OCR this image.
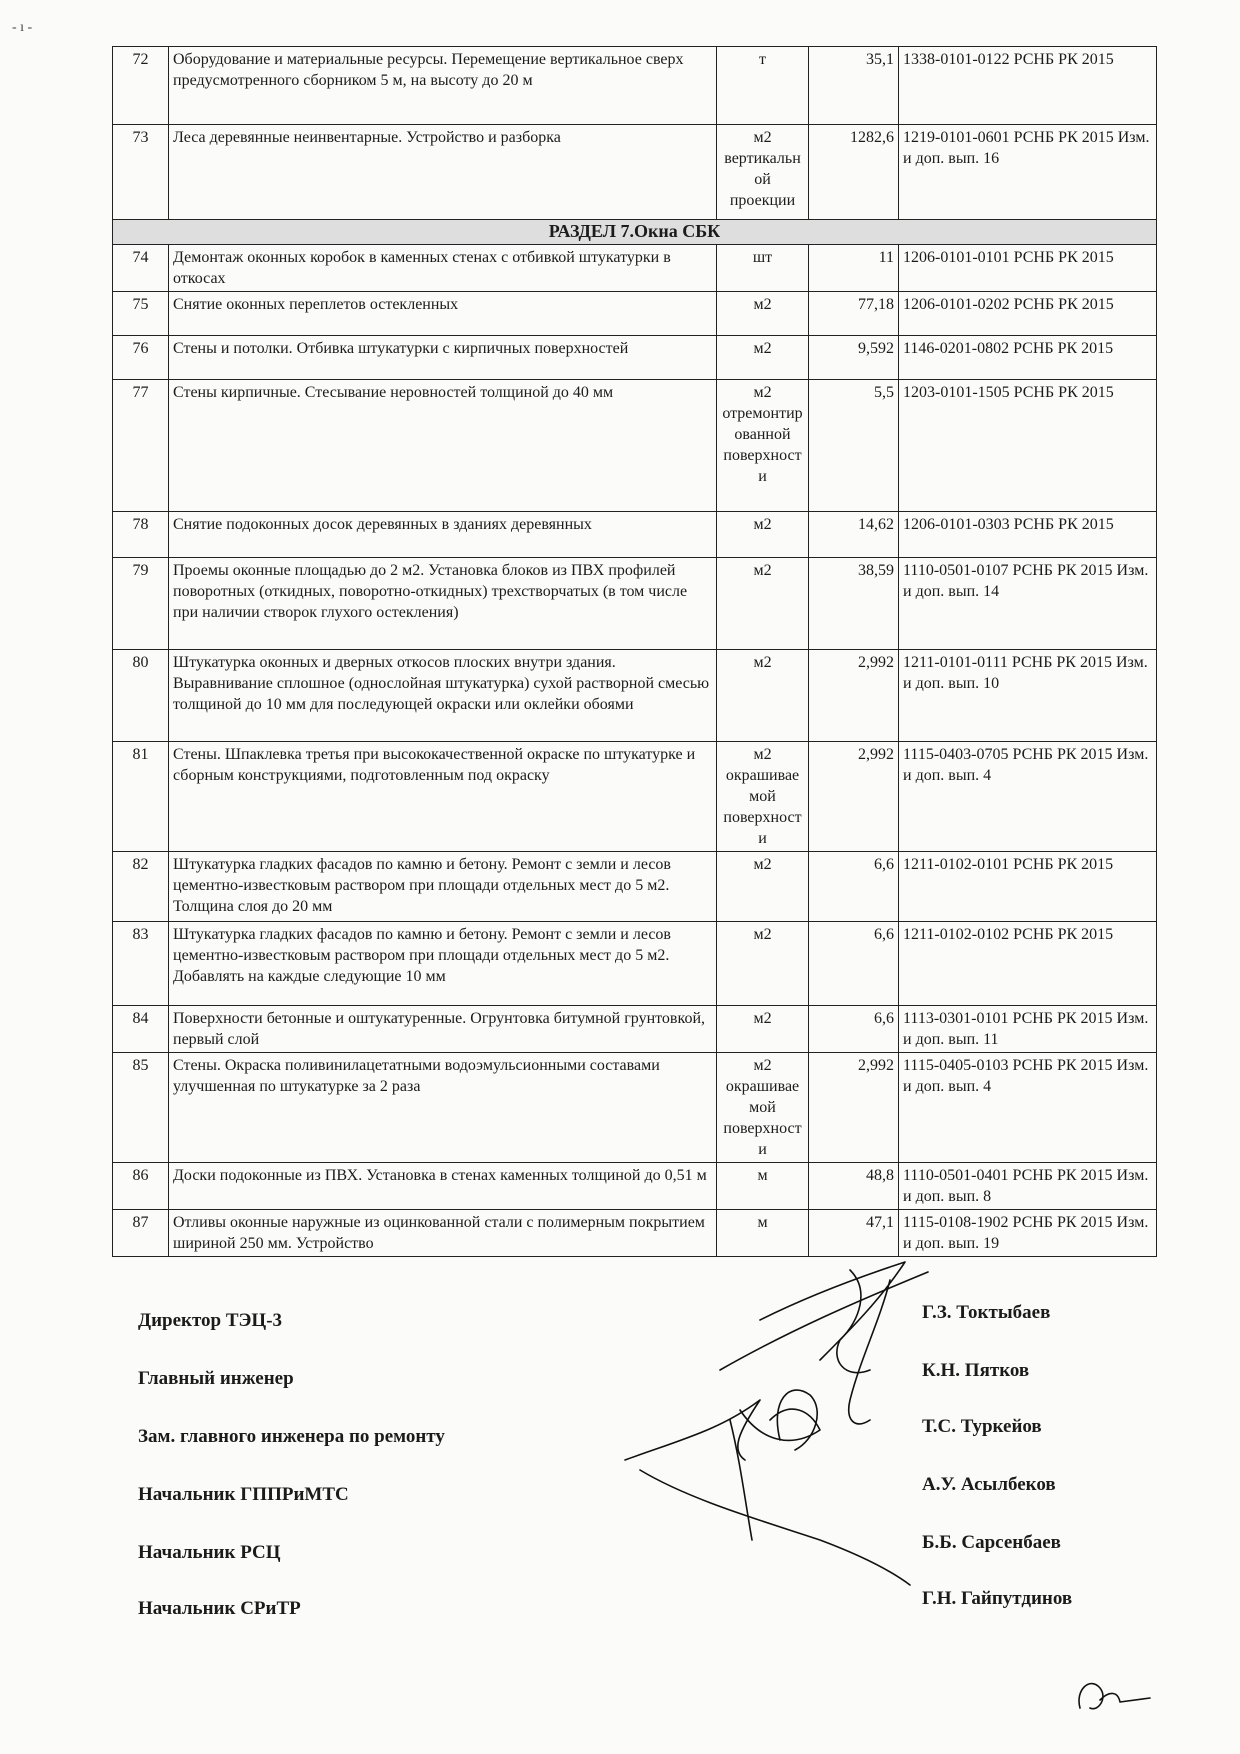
- ı -
72	Оборудование и материальные ресурсы. Перемещение вертикальное сверх предусмотренного сборником 5 м, на высоту до 20 м	т	35,1	1338-0101-0122 РСНБ РК 2015
73	Леса деревянные неинвентарные. Устройство и разборка	м2 вертикальной проекции	1282,6	1219-0101-0601 РСНБ РК 2015 Изм. и доп. вып. 16
РАЗДЕЛ 7.Окна СБК				
74	Демонтаж оконных коробок в каменных стенах с отбивкой штукатурки в откосах	шт	11	1206-0101-0101 РСНБ РК 2015
75	Снятие оконных переплетов остекленных	м2	77,18	1206-0101-0202 РСНБ РК 2015
76	Стены и потолки. Отбивка штукатурки с кирпичных поверхностей	м2	9,592	1146-0201-0802 РСНБ РК 2015
77	Стены кирпичные. Стесывание неровностей толщиной до 40 мм	м2 отремонтированной поверхности	5,5	1203-0101-1505 РСНБ РК 2015
78	Снятие подоконных досок деревянных в зданиях деревянных	м2	14,62	1206-0101-0303 РСНБ РК 2015
79	Проемы оконные площадью до 2 м2. Установка блоков из ПВХ профилей поворотных (откидных, поворотно-откидных) трехстворчатых (в том числе при наличии створок глухого остекления)	м2	38,59	1110-0501-0107 РСНБ РК 2015 Изм. и доп. вып. 14
80	Штукатурка оконных и дверных откосов плоских внутри здания. Выравнивание сплошное (однослойная штукатурка) сухой растворной смесью толщиной до 10 мм для последующей окраски или оклейки обоями	м2	2,992	1211-0101-0111 РСНБ РК 2015 Изм. и доп. вып. 10
81	Стены. Шпаклевка третья при высококачественной окраске по штукатурке и сборным конструкциями, подготовленным под окраску	м2 окрашиваемой поверхности	2,992	1115-0403-0705 РСНБ РК 2015 Изм. и доп. вып. 4
82	Штукатурка гладких фасадов по камню и бетону. Ремонт с земли и лесов цементно-известковым раствором при площади отдельных мест до 5 м2. Толщина слоя до 20 мм	м2	6,6	1211-0102-0101 РСНБ РК 2015
83	Штукатурка гладких фасадов по камню и бетону. Ремонт с земли и лесов цементно-известковым раствором при площади отдельных мест до 5 м2. Добавлять на каждые следующие 10 мм	м2	6,6	1211-0102-0102 РСНБ РК 2015
84	Поверхности бетонные и оштукатуренные. Огрунтовка битумной грунтовкой, первый слой	м2	6,6	1113-0301-0101 РСНБ РК 2015 Изм. и доп. вып. 11
85	Стены. Окраска поливинилацетатными водоэмульсионными составами улучшенная по штукатурке за 2 раза	м2 окрашиваемой поверхности	2,992	1115-0405-0103 РСНБ РК 2015 Изм. и доп. вып. 4
86	Доски подоконные из ПВХ. Установка в стенах каменных толщиной до 0,51 м	м	48,8	1110-0501-0401 РСНБ РК 2015 Изм. и доп. вып. 8
87	Отливы оконные наружные из оцинкованной стали с полимерным покрытием шириной 250 мм. Устройство	м	47,1	1115-0108-1902 РСНБ РК 2015 Изм. и доп. вып. 19
Директор ТЭЦ-3
Главный инженер
Зам. главного инженера по ремонту
Начальник ГППРиМТС
Начальник РСЦ
Начальник СРиТР
Г.З. Токтыбаев
К.Н. Пятков
Т.С. Туркейов
А.У. Асылбеков
Б.Б. Сарсенбаев
Г.Н. Гайпутдинов
